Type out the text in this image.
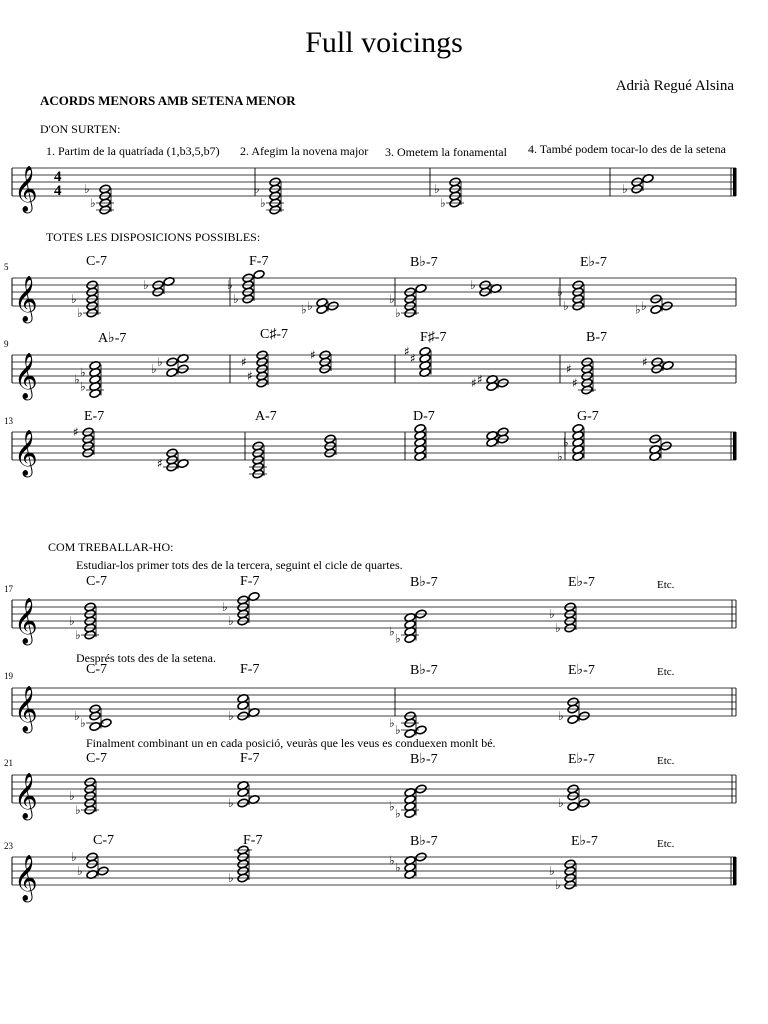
Full voicings
Adrià Regué Alsina
ACORDS MENORS AMB SETENA MENOR
D'ON SURTEN:
1. Partim de la quatríada (1,b3,5,b7) 2. Afegim la novena major 3. Ometem la fonamental 4. També podem tocar-lo des de la setena
TOTES LES DISPOSICIONS POSSIBLES:
COM TREBALLAR-HO:
Estudiar-los primer tots des de la tercera, seguint el cicle de quartes.
Després tots des de la setena.
Finalment combinant un en cada posició, veuràs que les veus es conduexen monlt bé.
5
9
13
17
19
21
23
C-7	F-7	B♭-7	E♭-7
A♭-7	C♯-7	F♯-7	B-7
E-7	A-7	D-7	G-7
C-7	F-7	B♭-7	E♭-7	Etc.
C-7	F-7	B♭-7	E♭-7	Etc.
C-7	F-7	B♭-7	E♭-7	Etc.
C-7	F-7	B♭-7	E♭-7	Etc.
𝄞 4
4
♭
♭
♭
♭
♭
♭	♭
𝄞	♭
♭
♭
♭
♭
♭
♭	♭
♭
♭
♭
♭
♭
♭
𝄞	♭
♭ ♭
♭
♭	♯
♯	♯	♯
♯
♯
♯	♯
♯	♯
𝄞	♯
♯
♭
♭
𝄞	♭
♭	♭
♭
♭
♭	♭
♭
𝄞	♭
♭	♭
♭
♭	♭
𝄞	♭
♭	♭
♭
♭	♭
𝄞	♭
♭
♭
♭
♭
♭
♭
